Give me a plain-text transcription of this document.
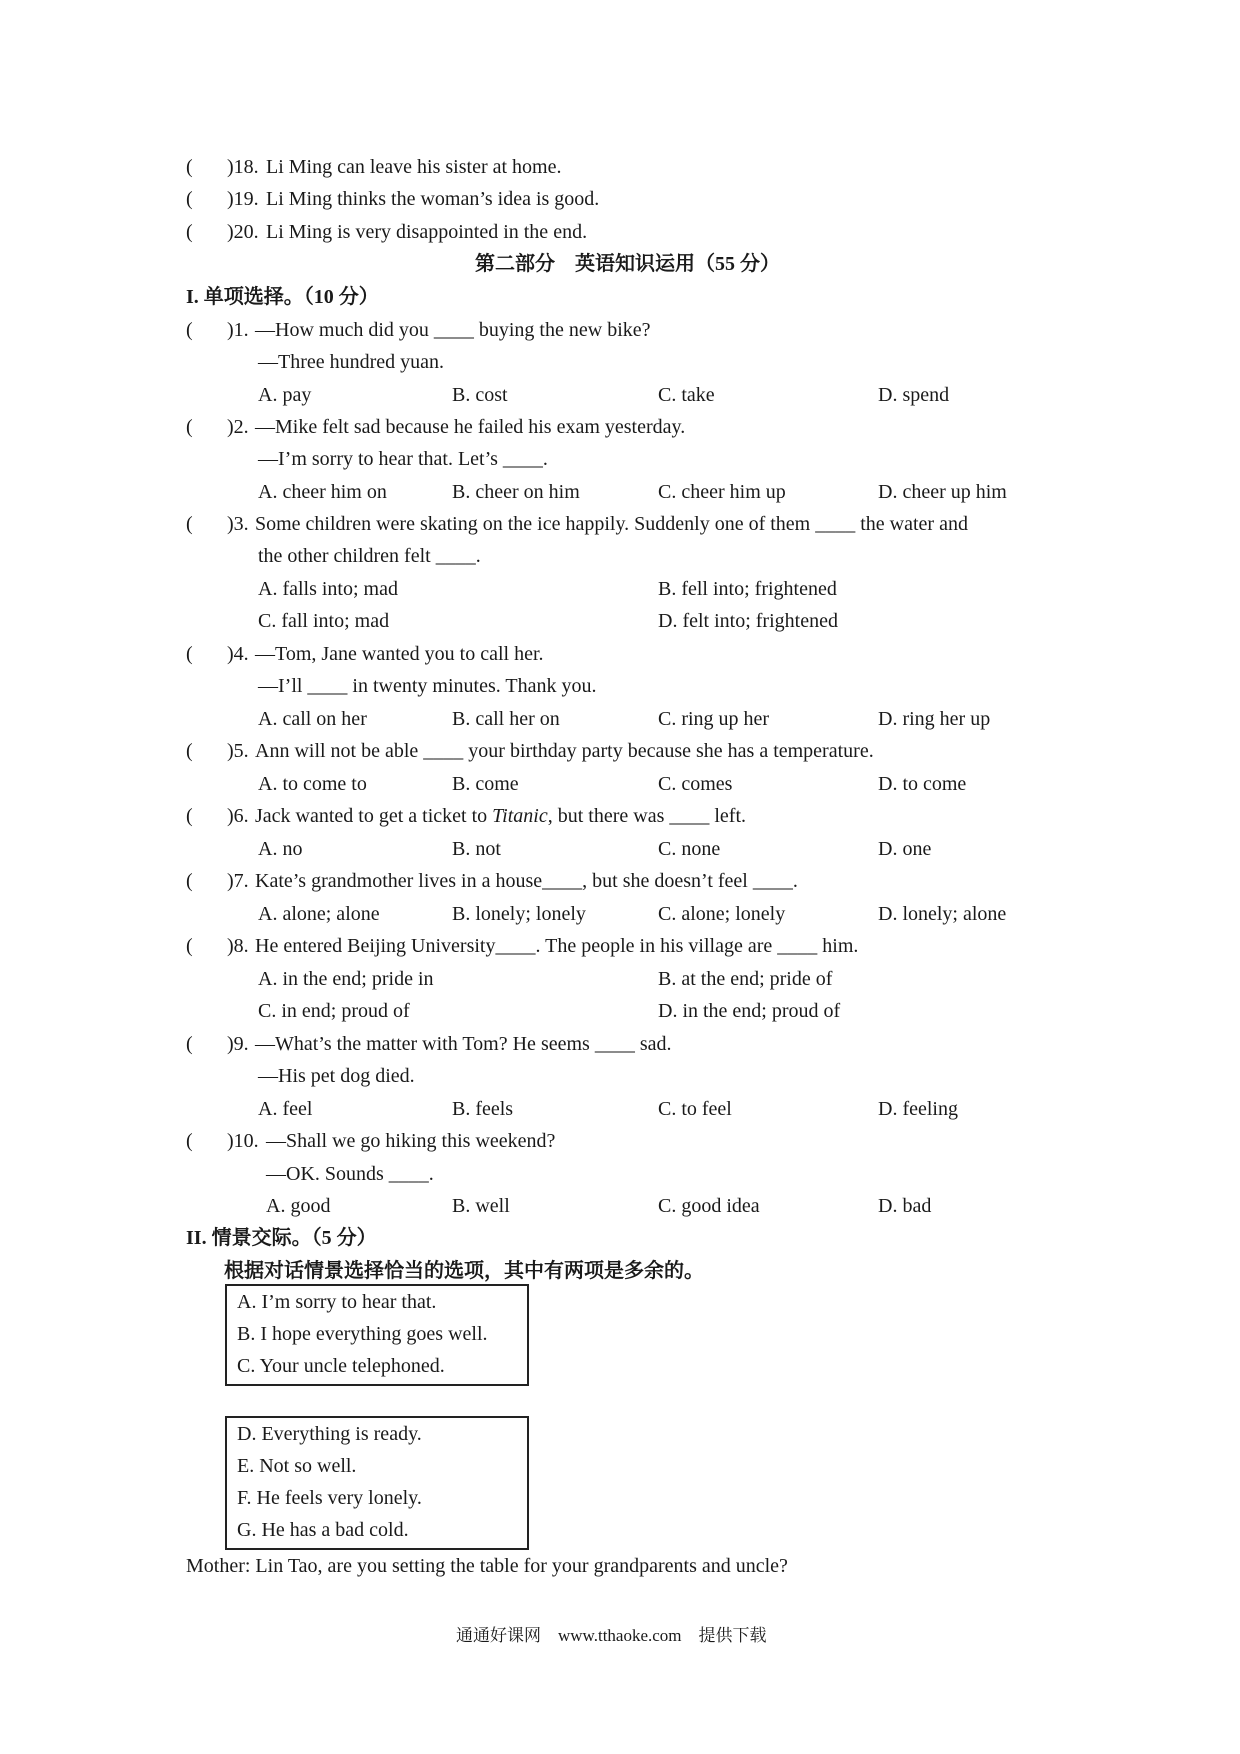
( )18. Li Ming can leave his sister at home.
( )19. Li Ming thinks the woman’s idea is good.
( )20. Li Ming is very disappointed in the end.
第二部分　英语知识运用（55 分）
I. 单项选择。（10 分）
( )1. —How much did you ____ buying the new bike?
—Three hundred yuan.
A. pay	B. cost	C. take	D. spend
( )2. —Mike felt sad because he failed his exam yesterday.
—I’m sorry to hear that. Let’s ____.
A. cheer him on	B. cheer on him	C. cheer him up	D. cheer up him
( )3. Some children were skating on the ice happily. Suddenly one of them ____ the water and
the other children felt ____.
A. falls into; mad	B. fell into; frightened
C. fall into; mad	D. felt into; frightened
( )4. —Tom, Jane wanted you to call her.
—I’ll ____ in twenty minutes. Thank you.
A. call on her	B. call her on	C. ring up her	D. ring her up
( )5. Ann will not be able ____ your birthday party because she has a temperature.
A. to come to	B. come	C. comes	D. to come
( )6. Jack wanted to get a ticket to Titanic, but there was ____ left.
A. no	B. not	C. none	D. one
( )7. Kate’s grandmother lives in a house____, but she doesn’t feel ____.
A. alone; alone	B. lonely; lonely	C. alone; lonely	D. lonely; alone
( )8. He entered Beijing University____. The people in his village are ____ him.
A. in the end; pride in	B. at the end; pride of
C. in end; proud of	D. in the end; proud of
( )9. —What’s the matter with Tom? He seems ____ sad.
—His pet dog died.
A. feel	B. feels	C. to feel	D. feeling
( )10. —Shall we go hiking this weekend?
—OK. Sounds ____.
A. good	B. well	C. good idea	D. bad
II. 情景交际。（5 分）
根据对话情景选择恰当的选项，其中有两项是多余的。
A. I’m sorry to hear that.
B. I hope everything goes well.
C. Your uncle telephoned.
D. Everything is ready.
E. Not so well.
F. He feels very lonely.
G. He has a bad cold.
Mother: Lin Tao, are you setting the table for your grandparents and uncle?
通通好课网　www.tthaoke.com　提供下载
